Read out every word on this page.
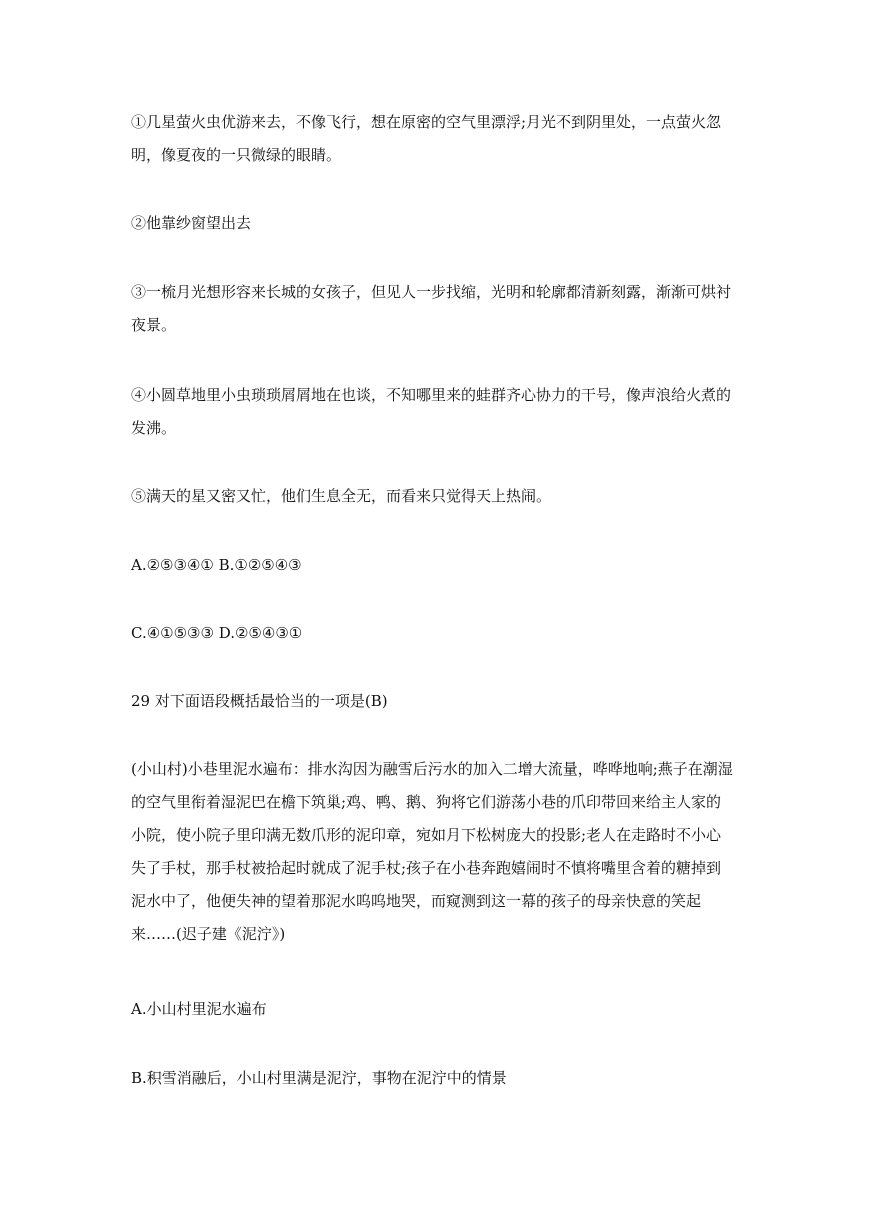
①几星萤火虫优游来去，不像飞行，想在原密的空气里漂浮;月光不到阴里处，一点萤火忽
明，像夏夜的一只微绿的眼睛。
②他靠纱窗望出去
③一梳月光想形容来长城的女孩子，但见人一步找缩，光明和轮廓都清新刻露，渐渐可烘衬
夜景。
④小圆草地里小虫琐琐屑屑地在也谈，不知哪里来的蛙群齐心协力的干号，像声浪给火煮的
发沸。
⑤满天的星又密又忙，他们生息全无，而看来只觉得天上热闹。
A.②⑤③④① B.①②⑤④③
C.④①⑤③③ D.②⑤④③①
29 对下面语段概括最恰当的一项是(B)
(小山村)小巷里泥水遍布：排水沟因为融雪后污水的加入二增大流量，哗哗地响;燕子在潮湿
的空气里衔着湿泥巴在檐下筑巢;鸡、鸭、鹅、狗将它们游荡小巷的爪印带回来给主人家的
小院，使小院子里印满无数爪形的泥印章，宛如月下松树庞大的投影;老人在走路时不小心
失了手杖，那手杖被拾起时就成了泥手杖;孩子在小巷奔跑嬉闹时不慎将嘴里含着的糖掉到
泥水中了，他便失神的望着那泥水呜呜地哭，而窥测到这一幕的孩子的母亲快意的笑起
来……(迟子建《泥泞》)
A.小山村里泥水遍布
B.积雪消融后，小山村里满是泥泞，事物在泥泞中的情景
